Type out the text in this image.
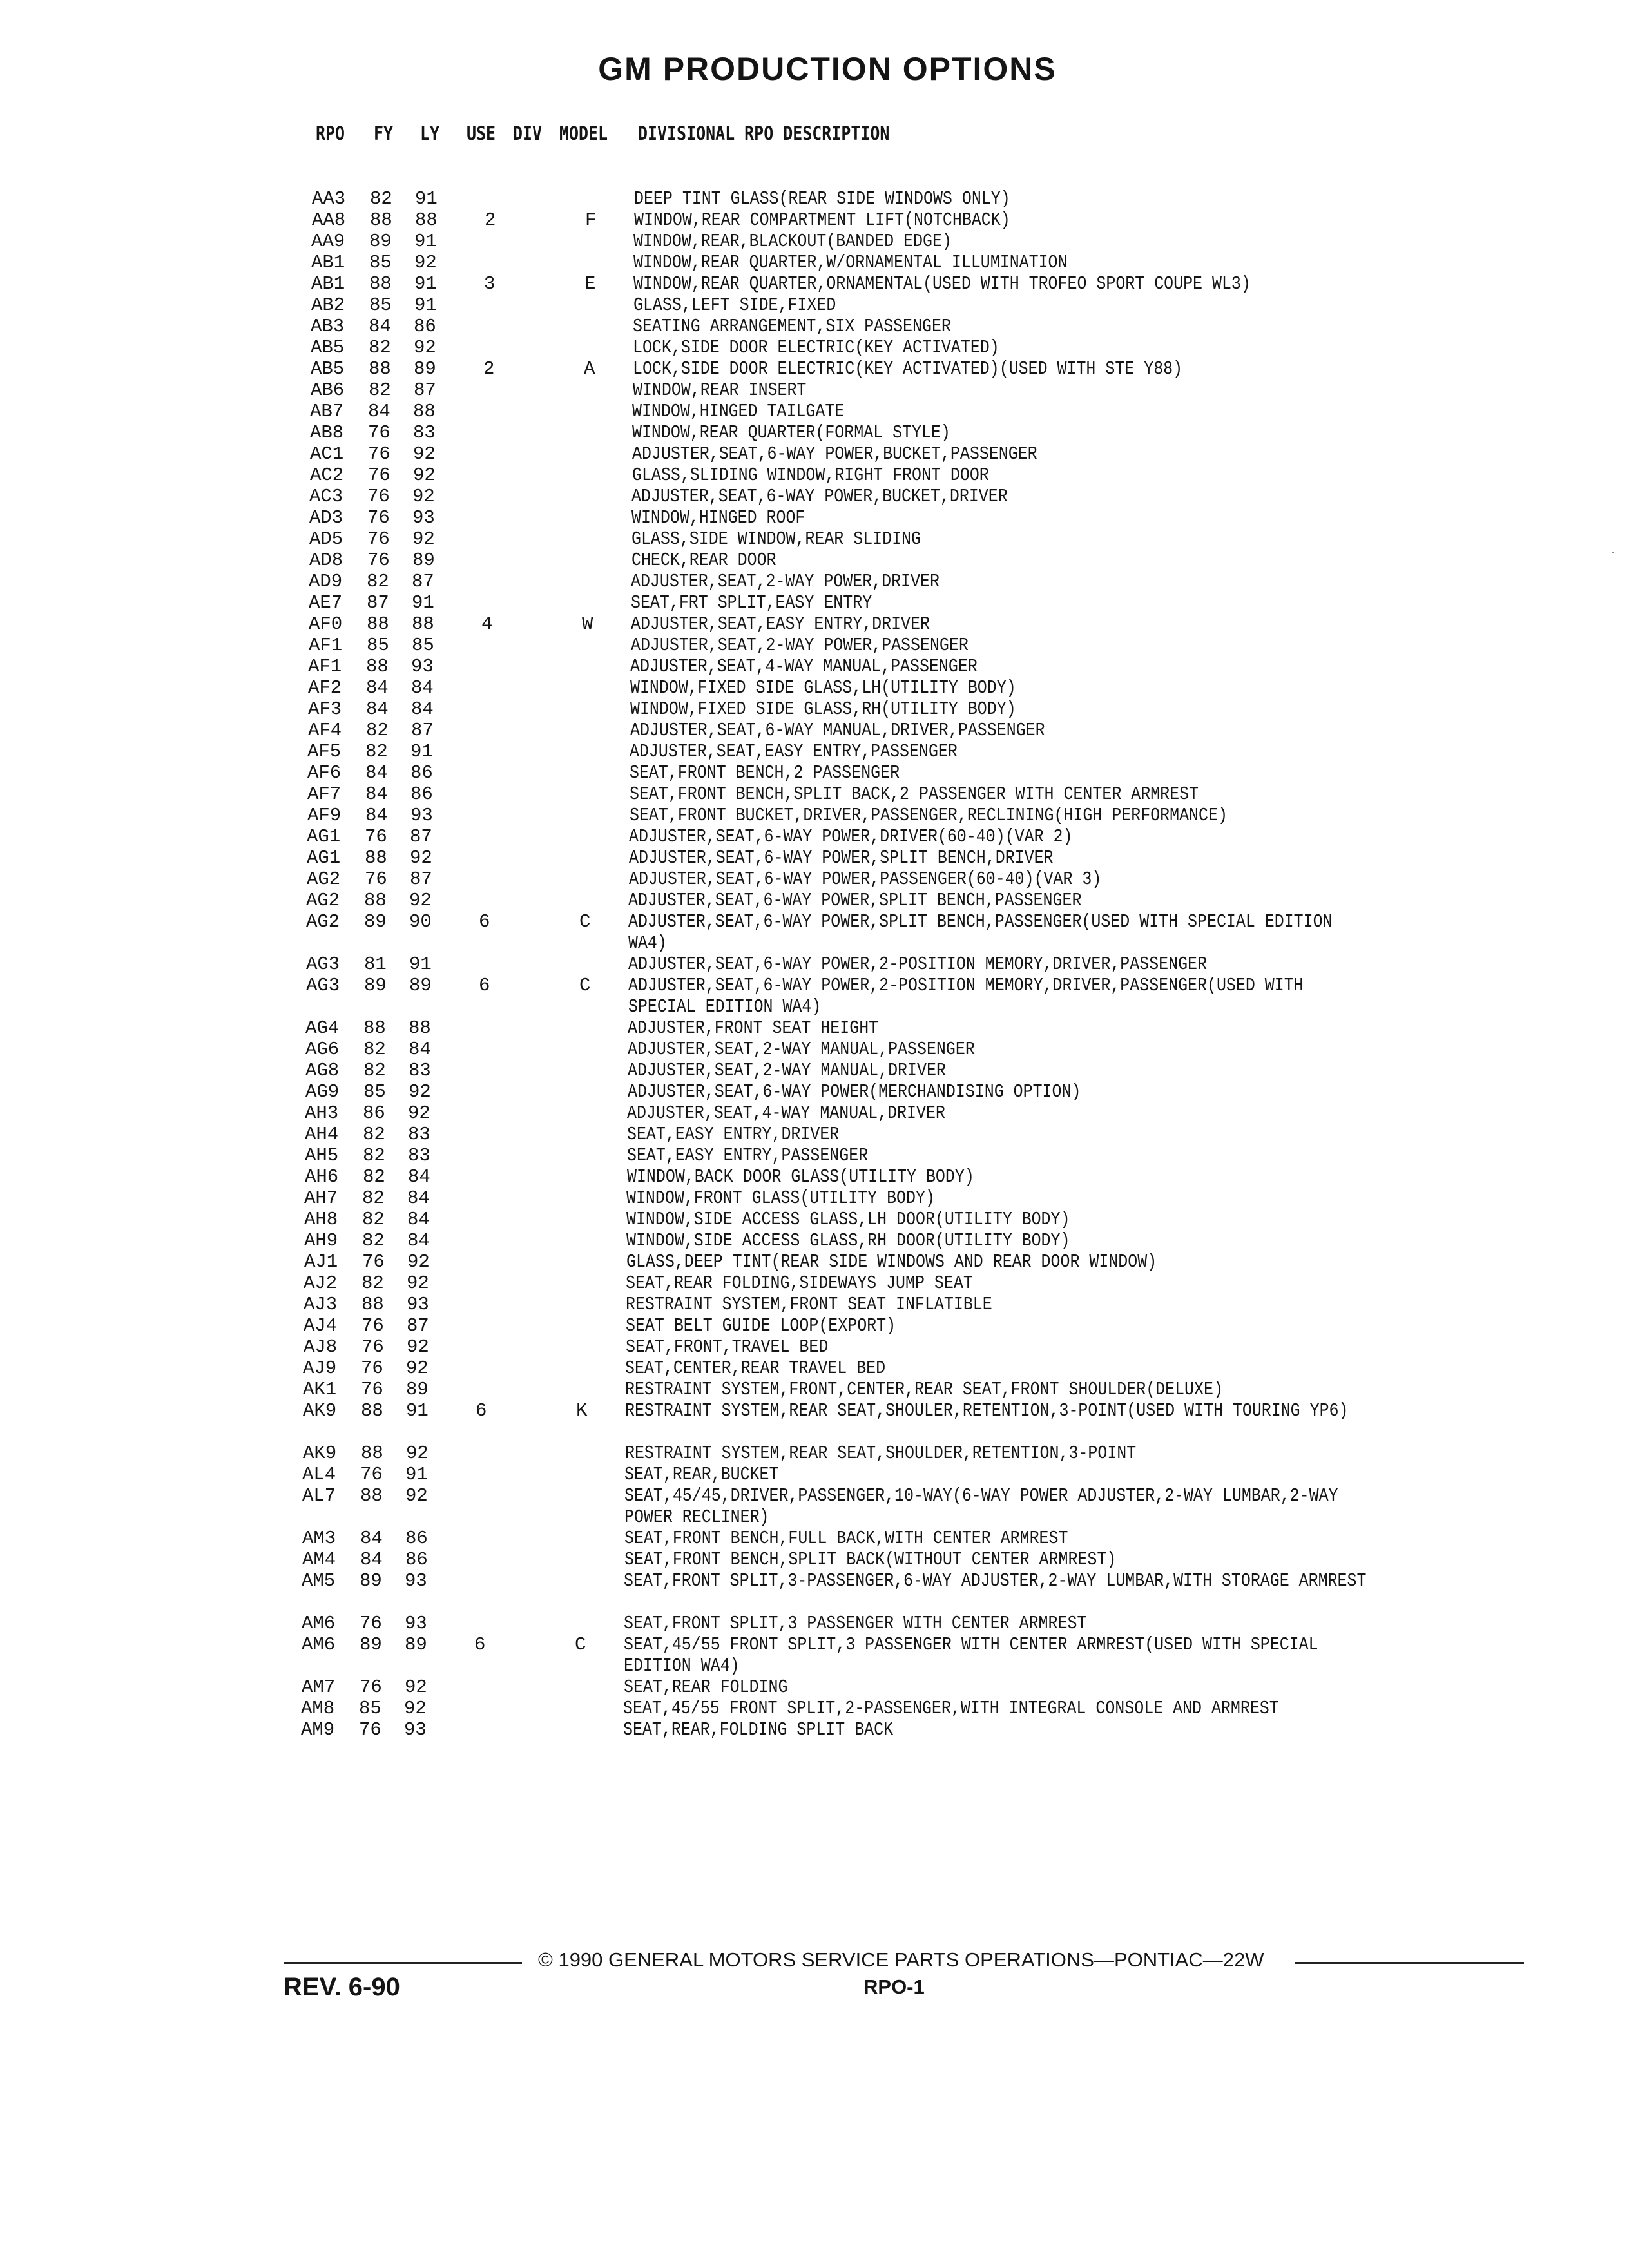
GM PRODUCTION OPTIONS
RPO FY LY USE DIV MODEL DIVISIONAL RPO DESCRIPTION
AA3 82 91	DEEP TINT GLASS(REAR SIDE WINDOWS ONLY)
AA8 88 88	2	F WINDOW,REAR COMPARTMENT LIFT(NOTCHBACK)
AA9 89 91	WINDOW,REAR,BLACKOUT(BANDED EDGE)
AB1 85 92	WINDOW,REAR QUARTER,W/ORNAMENTAL ILLUMINATION
AB1 88 91	3	E WINDOW,REAR QUARTER,ORNAMENTAL(USED WITH TROFEO SPORT COUPE WL3)
AB2 85 91	GLASS,LEFT SIDE,FIXED
AB3 84 86	SEATING ARRANGEMENT,SIX PASSENGER
AB5 82 92	LOCK,SIDE DOOR ELECTRIC(KEY ACTIVATED)
AB5 88 89	2	A LOCK,SIDE DOOR ELECTRIC(KEY ACTIVATED)(USED WITH STE Y88)
AB6 82 87	WINDOW,REAR INSERT
AB7 84 88	WINDOW,HINGED TAILGATE
AB8 76 83	WINDOW,REAR QUARTER(FORMAL STYLE)
AC1 76 92	ADJUSTER,SEAT,6-WAY POWER,BUCKET,PASSENGER
AC2 76 92	GLASS,SLIDING WINDOW,RIGHT FRONT DOOR
AC3 76 92	ADJUSTER,SEAT,6-WAY POWER,BUCKET,DRIVER
AD3 76 93	WINDOW,HINGED ROOF
AD5 76 92	GLASS,SIDE WINDOW,REAR SLIDING
AD8 76 89	CHECK,REAR DOOR
AD9 82 87	ADJUSTER,SEAT,2-WAY POWER,DRIVER
AE7 87 91	SEAT,FRT SPLIT,EASY ENTRY
AF0 88 88	4	W ADJUSTER,SEAT,EASY ENTRY,DRIVER
AF1 85 85	ADJUSTER,SEAT,2-WAY POWER,PASSENGER
AF1 88 93	ADJUSTER,SEAT,4-WAY MANUAL,PASSENGER
AF2 84 84	WINDOW,FIXED SIDE GLASS,LH(UTILITY BODY)
AF3 84 84	WINDOW,FIXED SIDE GLASS,RH(UTILITY BODY)
AF4 82 87	ADJUSTER,SEAT,6-WAY MANUAL,DRIVER,PASSENGER
AF5 82 91	ADJUSTER,SEAT,EASY ENTRY,PASSENGER
AF6 84 86	SEAT,FRONT BENCH,2 PASSENGER
AF7 84 86	SEAT,FRONT BENCH,SPLIT BACK,2 PASSENGER WITH CENTER ARMREST
AF9 84 93	SEAT,FRONT BUCKET,DRIVER,PASSENGER,RECLINING(HIGH PERFORMANCE)
AG1 76 87	ADJUSTER,SEAT,6-WAY POWER,DRIVER(60-40)(VAR 2)
AG1 88 92	ADJUSTER,SEAT,6-WAY POWER,SPLIT BENCH,DRIVER
AG2 76 87	ADJUSTER,SEAT,6-WAY POWER,PASSENGER(60-40)(VAR 3)
AG2 88 92	ADJUSTER,SEAT,6-WAY POWER,SPLIT BENCH,PASSENGER
AG2 89 90	6	C ADJUSTER,SEAT,6-WAY POWER,SPLIT BENCH,PASSENGER(USED WITH SPECIAL EDITION WA4)
AG3 81 91	ADJUSTER,SEAT,6-WAY POWER,2-POSITION MEMORY,DRIVER,PASSENGER
AG3 89 89	6	C ADJUSTER,SEAT,6-WAY POWER,2-POSITION MEMORY,DRIVER,PASSENGER(USED WITH SPECIAL EDITION WA4)
AG4 88 88	ADJUSTER,FRONT SEAT HEIGHT
AG6 82 84	ADJUSTER,SEAT,2-WAY MANUAL,PASSENGER
AG8 82 83	ADJUSTER,SEAT,2-WAY MANUAL,DRIVER
AG9 85 92	ADJUSTER,SEAT,6-WAY POWER(MERCHANDISING OPTION)
AH3 86 92	ADJUSTER,SEAT,4-WAY MANUAL,DRIVER
AH4 82 83	SEAT,EASY ENTRY,DRIVER
AH5 82 83	SEAT,EASY ENTRY,PASSENGER
AH6 82 84	WINDOW,BACK DOOR GLASS(UTILITY BODY)
AH7 82 84	WINDOW,FRONT GLASS(UTILITY BODY)
AH8 82 84	WINDOW,SIDE ACCESS GLASS,LH DOOR(UTILITY BODY)
AH9 82 84	WINDOW,SIDE ACCESS GLASS,RH DOOR(UTILITY BODY)
AJ1 76 92	GLASS,DEEP TINT(REAR SIDE WINDOWS AND REAR DOOR WINDOW)
AJ2 82 92	SEAT,REAR FOLDING,SIDEWAYS JUMP SEAT
AJ3 88 93	RESTRAINT SYSTEM,FRONT SEAT INFLATIBLE
AJ4 76 87	SEAT BELT GUIDE LOOP(EXPORT)
AJ8 76 92	SEAT,FRONT,TRAVEL BED
AJ9 76 92	SEAT,CENTER,REAR TRAVEL BED
AK1 76 89	RESTRAINT SYSTEM,FRONT,CENTER,REAR SEAT,FRONT SHOULDER(DELUXE)
AK9 88 91	6	K RESTRAINT SYSTEM,REAR SEAT,SHOULER,RETENTION,3-POINT(USED WITH TOURING YP6)
AK9 88 92	RESTRAINT SYSTEM,REAR SEAT,SHOULDER,RETENTION,3-POINT
AL4 76 91	SEAT,REAR,BUCKET
AL7 88 92	SEAT,45/45,DRIVER,PASSENGER,10-WAY(6-WAY POWER ADJUSTER,2-WAY LUMBAR,2-WAY POWER RECLINER)
AM3 84 86	SEAT,FRONT BENCH,FULL BACK,WITH CENTER ARMREST
AM4 84 86	SEAT,FRONT BENCH,SPLIT BACK(WITHOUT CENTER ARMREST)
AM5 89 93	SEAT,FRONT SPLIT,3-PASSENGER,6-WAY ADJUSTER,2-WAY LUMBAR,WITH STORAGE ARMREST
AM6 76 93	SEAT,FRONT SPLIT,3 PASSENGER WITH CENTER ARMREST
AM6 89 89	6	C SEAT,45/55 FRONT SPLIT,3 PASSENGER WITH CENTER ARMREST(USED WITH SPECIAL EDITION WA4)
AM7 76 92	SEAT,REAR FOLDING
AM8 85 92	SEAT,45/55 FRONT SPLIT,2-PASSENGER,WITH INTEGRAL CONSOLE AND ARMREST
AM9 76 93	SEAT,REAR,FOLDING SPLIT BACK
© 1990 GENERAL MOTORS SERVICE PARTS OPERATIONS—PONTIAC—22W
REV. 6-90	RPO-1
